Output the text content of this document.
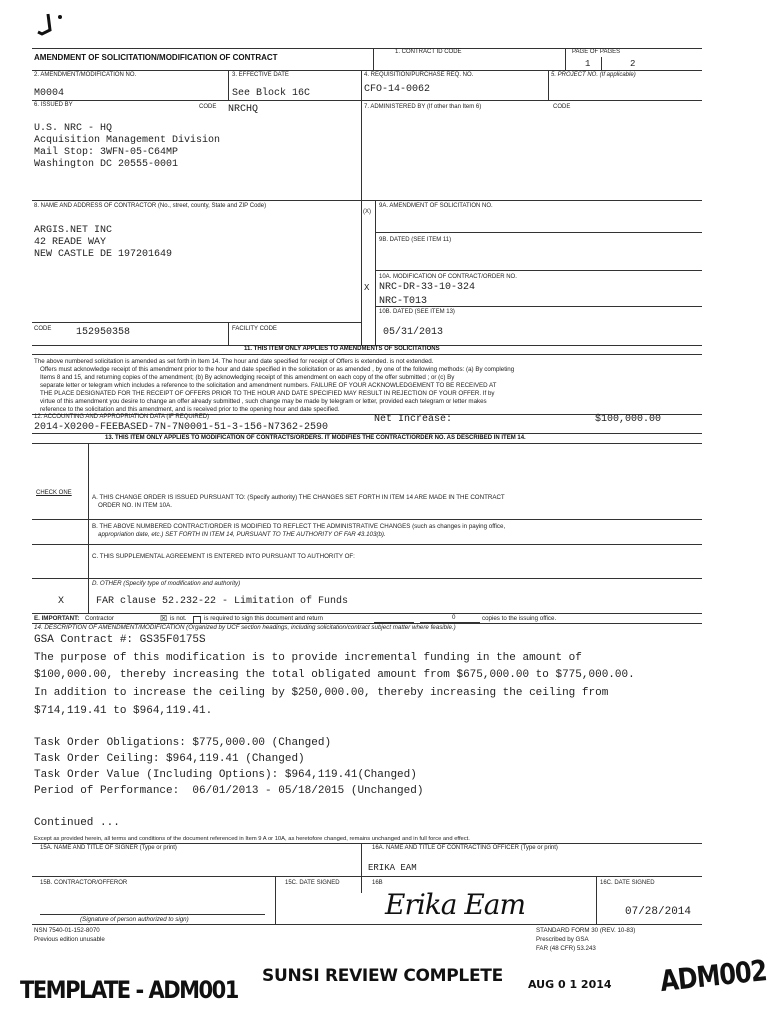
AMENDMENT OF SOLICITATION/MODIFICATION OF CONTRACT
1. CONTRACT ID CODE	PAGE OF PAGES
1	2
2. AMENDMENT/MODIFICATION NO.
M0004
3. EFFECTIVE DATE
See Block 16C
4. REQUISITION/PURCHASE REQ. NO.
CFO-14-0062
5. PROJECT NO. (If applicable)
6. ISSUED BY	CODE NRCHQ	7. ADMINISTERED BY (If other than Item 6)	CODE
U.S. NRC - HQ
Acquisition Management Division
Mail Stop: 3WFN-05-C64MP
Washington DC 20555-0001
8. NAME AND ADDRESS OF CONTRACTOR (No., street, county, State and ZIP Code)
ARGIS.NET INC
42 READE WAY
NEW CASTLE DE 197201649
(X)
9A. AMENDMENT OF SOLICITATION NO.
9B. DATED (SEE ITEM 11)
10A. MODIFICATION OF CONTRACT/ORDER NO.
X NRC-DR-33-10-324
NRC-T013
10B. DATED (SEE ITEM 13)
05/31/2013
CODE 152950358	FACILITY CODE
11. THIS ITEM ONLY APPLIES TO AMENDMENTS OF SOLICITATIONS
The above numbered solicitation is amended as set forth in Item 14. The hour and date specified for receipt of Offers is extended. is not extended.
Offers must acknowledge receipt of this amendment prior to the hour and date specified in the solicitation or as amended , by one of the following methods: (a) By completing
Items 8 and 15, and returning copies of the amendment; (b) By acknowledging receipt of this amendment on each copy of the offer submitted ; or (c) By
separate letter or telegram which includes a reference to the solicitation and amendment numbers. FAILURE OF YOUR ACKNOWLEDGEMENT TO BE RECEIVED AT
THE PLACE DESIGNATED FOR THE RECEIPT OF OFFERS PRIOR TO THE HOUR AND DATE SPECIFIED MAY RESULT IN REJECTION OF YOUR OFFER. If by
virtue of this amendment you desire to change an offer already submitted , such change may be made by telegram or letter, provided each telegram or letter makes
reference to the solicitation and this amendment, and is received prior to the opening hour and date specified.
12. ACCOUNTING AND APPROPRIATION DATA (IF REQUIRED)
2014-X0200-FEEBASED-7N-7N0001-51-3-156-N7362-2590
Net Increase:	$100,000.00
13. THIS ITEM ONLY APPLIES TO MODIFICATION OF CONTRACTS/ORDERS. IT MODIFIES THE CONTRACT/ORDER NO. AS DESCRIBED IN ITEM 14.
CHECK ONE
A. THIS CHANGE ORDER IS ISSUED PURSUANT TO: (Specify authority) THE CHANGES SET FORTH IN ITEM 14 ARE MADE IN THE CONTRACT
ORDER NO. IN ITEM 10A.
B. THE ABOVE NUMBERED CONTRACT/ORDER IS MODIFIED TO REFLECT THE ADMINISTRATIVE CHANGES (such as changes in paying office,
appropriation date, etc.) SET FORTH IN ITEM 14, PURSUANT TO THE AUTHORITY OF FAR 43.103(b).
C. THIS SUPPLEMENTAL AGREEMENT IS ENTERED INTO PURSUANT TO AUTHORITY OF:
D. OTHER (Specify type of modification and authority)
X	FAR clause 52.232-22 - Limitation of Funds
E. IMPORTANT: Contractor	☒ is not.	is required to sign this document and return	0	copies to the issuing office.
14. DESCRIPTION OF AMENDMENT/MODIFICATION (Organized by UCF section headings, including solicitation/contract subject matter where feasible.)
GSA Contract #: GS35F0175S
The purpose of this modification is to provide incremental funding in the amount of
$100,000.00, thereby increasing the total obligated amount from $675,000.00 to $775,000.00.
In addition to increase the ceiling by $250,000.00, thereby increasing the ceiling from
$714,119.41 to $964,119.41.
Task Order Obligations: $775,000.00 (Changed)
Task Order Ceiling: $964,119.41 (Changed)
Task Order Value (Including Options): $964,119.41(Changed)
Period of Performance:  06/01/2013 - 05/18/2015 (Unchanged)
Continued ...
Except as provided herein, all terms and conditions of the document referenced in Item 9 A or 10A, as heretofore changed, remains unchanged and in full force and effect.
15A. NAME AND TITLE OF SIGNER (Type or print)	16A. NAME AND TITLE OF CONTRACTING OFFICER (Type or print)
ERIKA EAM
15B. CONTRACTOR/OFFEROR	15C. DATE SIGNED	16B
Erika Eam
16C. DATE SIGNED
07/28/2014
(Signature of person authorized to sign)
NSN 7540-01-152-8070
Previous edition unusable
STANDARD FORM 30 (REV. 10-83)
Prescribed by GSA
FAR (48 CFR) 53.243
SUNSI REVIEW COMPLETE AUG 0 1 2014
TEMPLATE - ADM001	ADM002
